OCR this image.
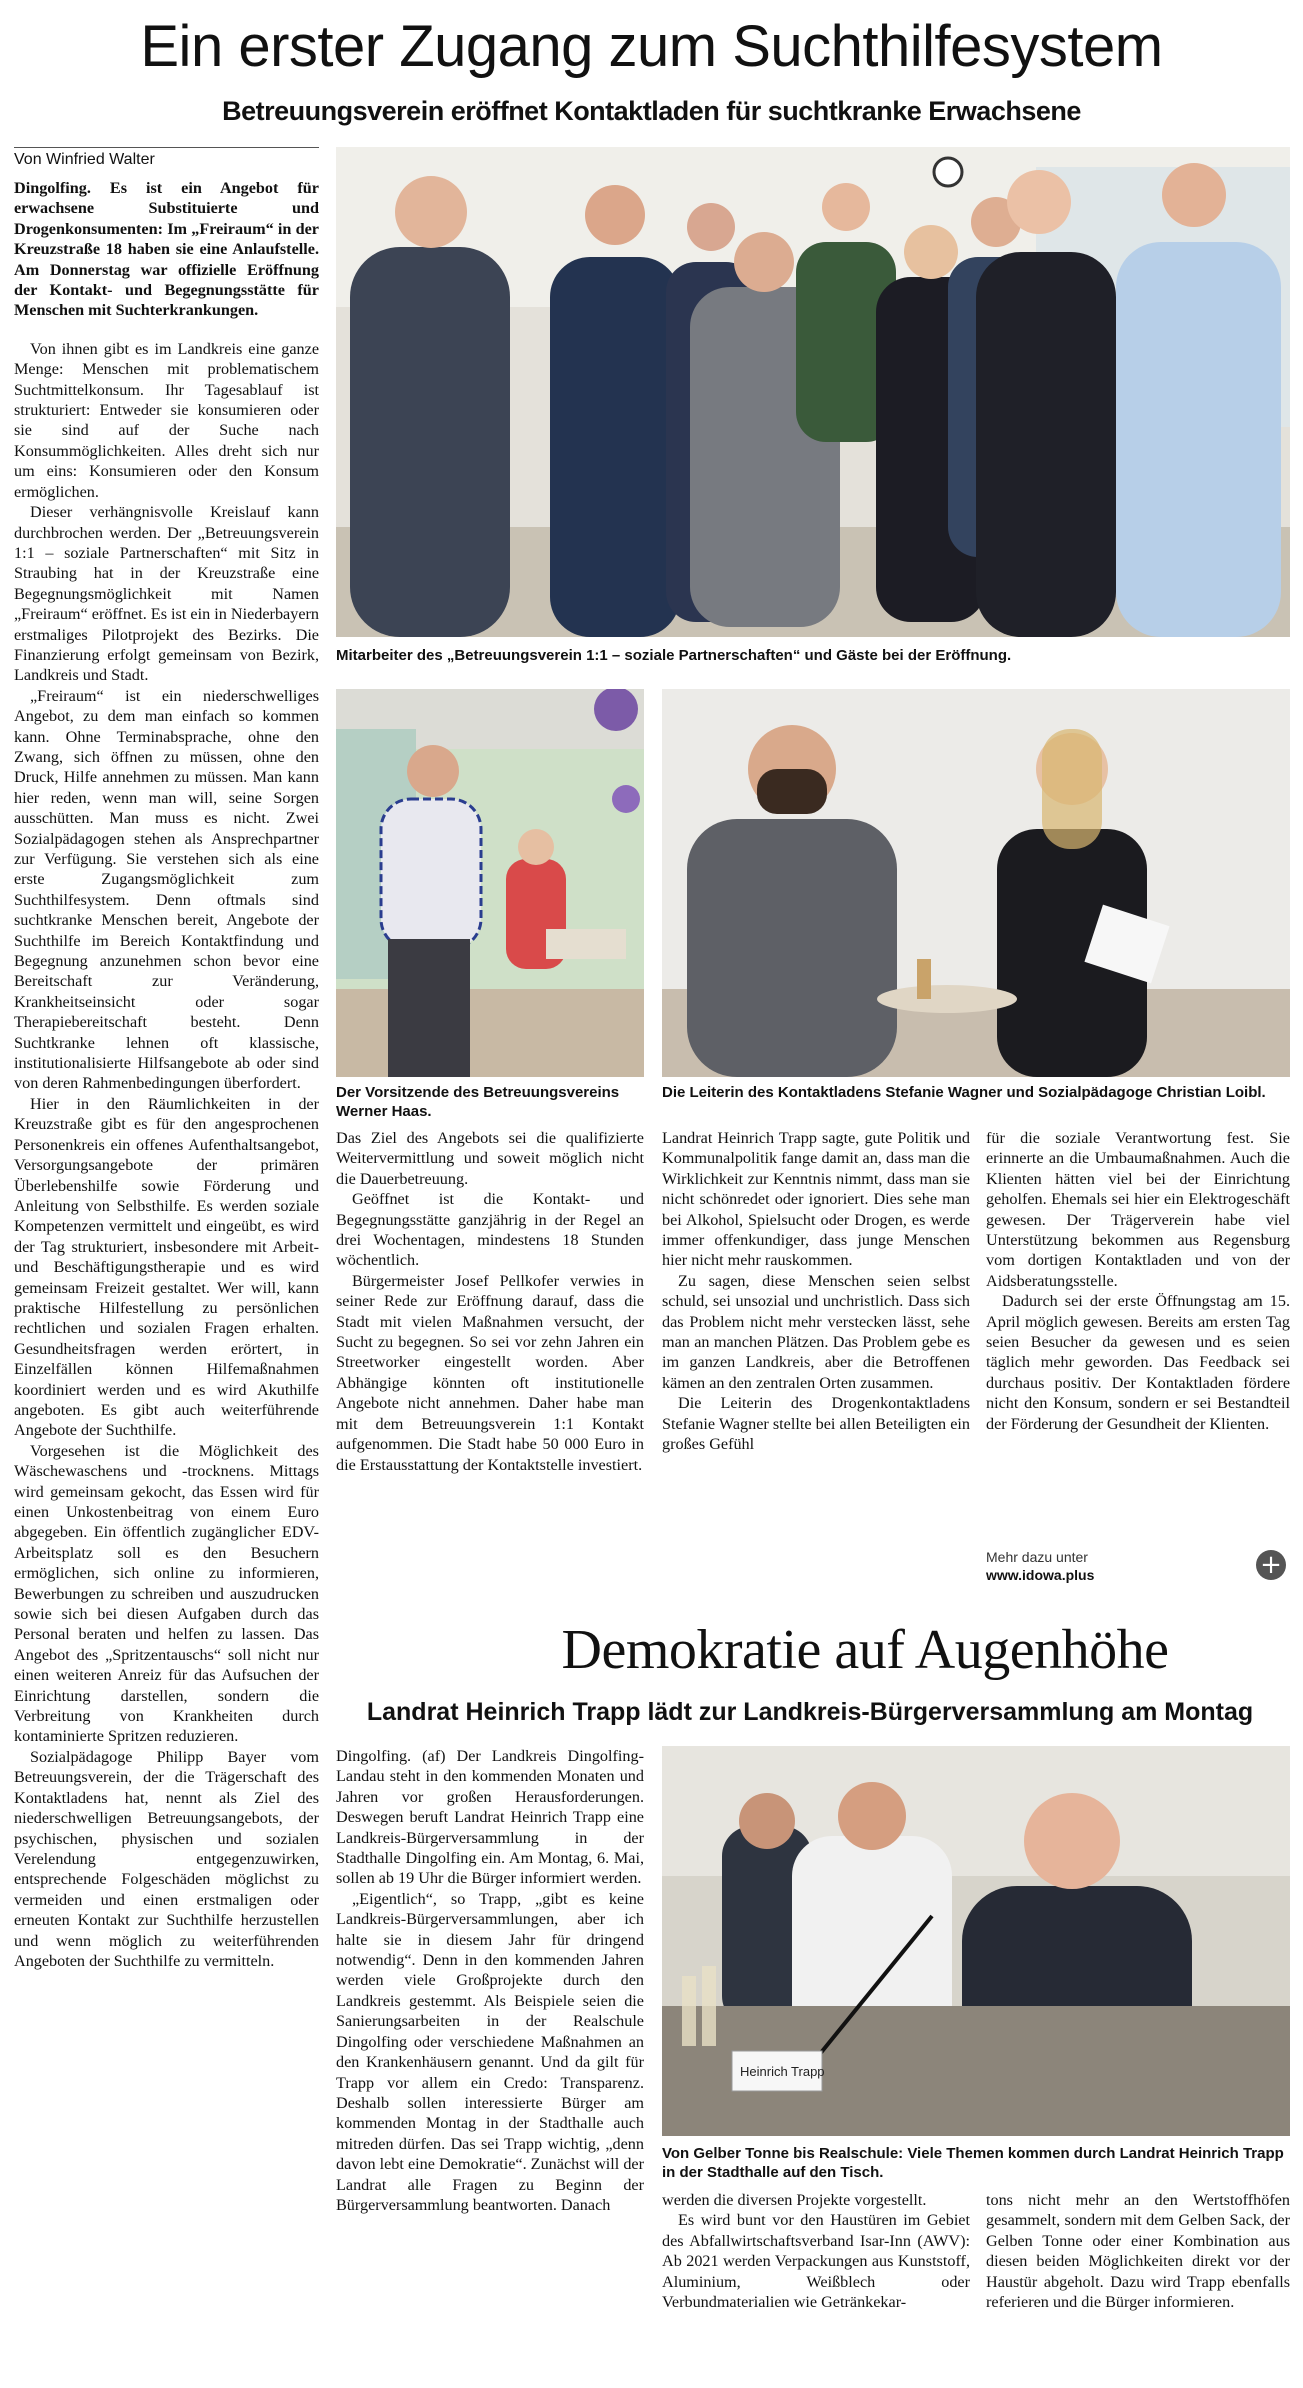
Ein erster Zugang zum Suchthilfesystem
Betreuungsverein eröffnet Kontaktladen für suchtkranke Erwachsene
Von Winfried Walter

Dingolfing. Es ist ein Angebot für erwachsene Substituierte und Drogenkonsumenten: Im „Freiraum“ in der Kreuzstraße 18 haben sie eine Anlaufstelle. Am Donnerstag war offizielle Eröffnung der Kontakt- und Begegnungsstätte für Menschen mit Suchterkrankungen.

Von ihnen gibt es im Landkreis eine ganze Menge: Menschen mit problematischem Suchtmittelkonsum. Ihr Tagesablauf ist strukturiert: Entweder sie konsumieren oder sie sind auf der Suche nach Konsummöglichkeiten. Alles dreht sich nur um eins: Konsumieren oder den Konsum ermöglichen.

Dieser verhängnisvolle Kreislauf kann durchbrochen werden. Der „Betreuungsverein 1:1 – soziale Partnerschaften“ mit Sitz in Straubing hat in der Kreuzstraße eine Begegnungsmöglichkeit mit Namen „Freiraum“ eröffnet. Es ist ein in Niederbayern erstmaliges Pilotprojekt des Bezirks. Die Finanzierung erfolgt gemeinsam von Bezirk, Landkreis und Stadt.

„Freiraum“ ist ein niederschwelliges Angebot, zu dem man einfach so kommen kann. Ohne Terminabsprache, ohne den Zwang, sich öffnen zu müssen, ohne den Druck, Hilfe annehmen zu müssen. Man kann hier reden, wenn man will, seine Sorgen ausschütten. Man muss es nicht. Zwei Sozialpädagogen stehen als Ansprechpartner zur Verfügung. Sie verstehen sich als eine erste Zugangsmöglichkeit zum Suchthilfesystem. Denn oftmals sind suchtkranke Menschen bereit, Angebote der Suchthilfe im Bereich Kontaktfindung und Begegnung anzunehmen schon bevor eine Bereitschaft zur Veränderung, Krankheitseinsicht oder sogar Therapiebereitschaft besteht. Denn Suchtkranke lehnen oft klassische, institutionalisierte Hilfsangebote ab oder sind von deren Rahmenbedingungen überfordert.

Hier in den Räumlichkeiten in der Kreuzstraße gibt es für den angesprochenen Personenkreis ein offenes Aufenthaltsangebot, Versorgungsangebote der primären Überlebenshilfe sowie Förderung und Anleitung von Selbsthilfe. Es werden soziale Kompetenzen vermittelt und eingeübt, es wird der Tag strukturiert, insbesondere mit Arbeit- und Beschäftigungstherapie und es wird gemeinsam Freizeit gestaltet. Wer will, kann praktische Hilfestellung zu persönlichen rechtlichen und sozialen Fragen erhalten. Gesundheitsfragen werden erörtert, in Einzelfällen können Hilfemaßnahmen koordiniert werden und es wird Akuthilfe angeboten. Es gibt auch weiterführende Angebote der Suchthilfe.

Vorgesehen ist die Möglichkeit des Wäschewaschens und -trocknens. Mittags wird gemeinsam gekocht, das Essen wird für einen Unkostenbeitrag von einem Euro abgegeben. Ein öffentlich zugänglicher EDV-Arbeitsplatz soll es den Besuchern ermöglichen, sich online zu informieren, Bewerbungen zu schreiben und auszudrucken sowie sich bei diesen Aufgaben durch das Personal beraten und helfen zu lassen. Das Angebot des „Spritzentauschs“ soll nicht nur einen weiteren Anreiz für das Aufsuchen der Einrichtung darstellen, sondern die Verbreitung von Krankheiten durch kontaminierte Spritzen reduzieren.

Sozialpädagoge Philipp Bayer vom Betreuungsverein, der die Trägerschaft des Kontaktladens hat, nennt als Ziel des niederschwelligen Betreuungsangebots, der psychischen, physischen und sozialen Verelendung entgegenzuwirken, entsprechende Folgeschäden möglichst zu vermeiden und einen erstmaligen oder erneuten Kontakt zur Suchthilfe herzustellen und wenn möglich zu weiterführenden Angeboten der Suchthilfe zu vermitteln.

Mitarbeiter des „Betreuungsverein 1:1 – soziale Partnerschaften“ und Gäste bei der Eröffnung.
Der Vorsitzende des Betreuungsvereins Werner Haas.
Die Leiterin des Kontaktladens Stefanie Wagner und Sozialpädagoge Christian Loibl.

Das Ziel des Angebots sei die qualifizierte Weitervermittlung und soweit möglich nicht die Dauerbetreuung.

Geöffnet ist die Kontakt- und Begegnungsstätte ganzjährig in der Regel an drei Wochentagen, mindestens 18 Stunden wöchentlich.

Bürgermeister Josef Pellkofer verwies in seiner Rede zur Eröffnung darauf, dass die Stadt mit vielen Maßnahmen versucht, der Sucht zu begegnen. So sei vor zehn Jahren ein Streetworker eingestellt worden. Aber Abhängige könnten oft institutionelle Angebote nicht annehmen. Daher habe man mit dem Betreuungsverein 1:1 Kontakt aufgenommen. Die Stadt habe 50 000 Euro in die Erstausstattung der Kontaktstelle investiert.

Landrat Heinrich Trapp sagte, gute Politik und Kommunalpolitik fange damit an, dass man die Wirklichkeit zur Kenntnis nimmt, dass man sie nicht schönredet oder ignoriert. Dies sehe man bei Alkohol, Spielsucht oder Drogen, es werde immer offenkundiger, dass junge Menschen hier nicht mehr rauskommen.

Zu sagen, diese Menschen seien selbst schuld, sei unsozial und unchristlich. Dass sich das Problem nicht mehr verstecken lässt, sehe man an manchen Plätzen. Das Problem gebe es im ganzen Landkreis, aber die Betroffenen kämen an den zentralen Orten zusammen.

Die Leiterin des Drogenkontaktladens Stefanie Wagner stellte bei allen Beteiligten ein großes Gefühl

für die soziale Verantwortung fest. Sie erinnerte an die Umbaumaßnahmen. Auch die Klienten hätten viel bei der Einrichtung geholfen. Ehemals sei hier ein Elektrogeschäft gewesen. Der Trägerverein habe viel Unterstützung bekommen aus Regensburg vom dortigen Kontaktladen und von der Aidsberatungsstelle.

Dadurch sei der erste Öffnungstag am 15. April möglich gewesen. Bereits am ersten Tag seien Besucher da gewesen und es seien täglich mehr geworden. Das Feedback sei durchaus positiv. Der Kontaktladen fördere nicht den Konsum, sondern er sei Bestandteil der Förderung der Gesundheit der Klienten.

Mehr dazu unter
www.idowa.plus	+
Demokratie auf Augenhöhe
Landrat Heinrich Trapp lädt zur Landkreis-Bürgerversammlung am Montag

Dingolfing. (af) Der Landkreis Dingolfing-Landau steht in den kommenden Monaten und Jahren vor großen Herausforderungen. Deswegen beruft Landrat Heinrich Trapp eine Landkreis-Bürgerversammlung in der Stadthalle Dingolfing ein. Am Montag, 6. Mai, sollen ab 19 Uhr die Bürger informiert werden.

„Eigentlich“, so Trapp, „gibt es keine Landkreis-Bürgerversammlungen, aber ich halte sie in diesem Jahr für dringend notwendig“. Denn in den kommenden Jahren werden viele Großprojekte durch den Landkreis gestemmt. Als Beispiele seien die Sanierungsarbeiten in der Realschule Dingolfing oder verschiedene Maßnahmen an den Krankenhäusern genannt. Und da gilt für Trapp vor allem ein Credo: Transparenz. Deshalb sollen interessierte Bürger am kommenden Montag in der Stadthalle auch mitreden dürfen. Das sei Trapp wichtig, „denn davon lebt eine Demokratie“. Zunächst will der Landrat alle Fragen zu Beginn der Bürgerversammlung beantworten. Danach

Heinrich Trapp
Von Gelber Tonne bis Realschule: Viele Themen kommen durch Landrat Heinrich Trapp in der Stadthalle auf den Tisch.

werden die diversen Projekte vorgestellt.

Es wird bunt vor den Haustüren im Gebiet des Abfallwirtschaftsverband Isar-Inn (AWV): Ab 2021 werden Verpackungen aus Kunststoff, Aluminium, Weißblech oder Verbundmaterialien wie Getränkekar-

tons nicht mehr an den Wertstoffhöfen gesammelt, sondern mit dem Gelben Sack, der Gelben Tonne oder einer Kombination aus diesen beiden Möglichkeiten direkt vor der Haustür abgeholt. Dazu wird Trapp ebenfalls referieren und die Bürger informieren.
